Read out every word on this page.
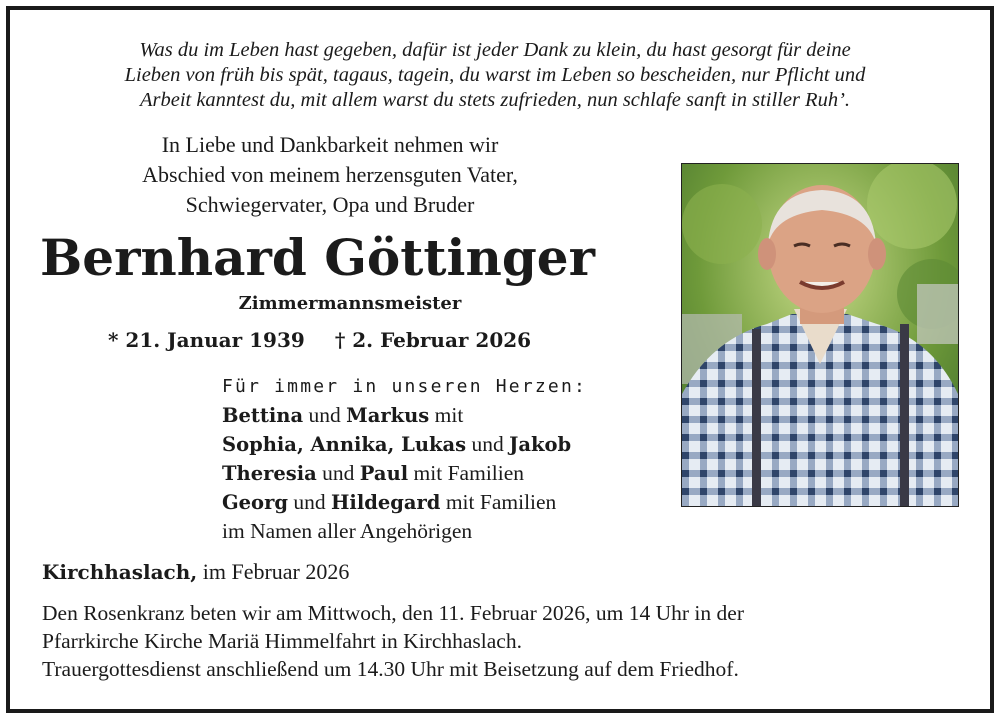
Was du im Leben hast gegeben, dafür ist jeder Dank zu klein, du hast gesorgt für deine
Lieben von früh bis spät, tagaus, tagein, du warst im Leben so bescheiden, nur Pflicht und
Arbeit kanntest du, mit allem warst du stets zufrieden, nun schlafe sanft in stiller Ruh’.
In Liebe und Dankbarkeit nehmen wir
Abschied von meinem herzensguten Vater,
Schwiegervater, Opa und Bruder
Bernhard Göttinger
Zimmermannsmeister
* 21. Januar 1939 † 2. Februar 2026
Für immer in unseren Herzen:
Bettina und Markus mit
Sophia, Annika, Lukas und Jakob
Theresia und Paul mit Familien
Georg und Hildegard mit Familien
im Namen aller Angehörigen
Kirchhaslach, im Februar 2026
Den Rosenkranz beten wir am Mittwoch, den 11. Februar 2026, um 14 Uhr in der
Pfarrkirche Kirche Mariä Himmelfahrt in Kirchhaslach.
Trauergottesdienst anschließend um 14.30 Uhr mit Beisetzung auf dem Friedhof.
